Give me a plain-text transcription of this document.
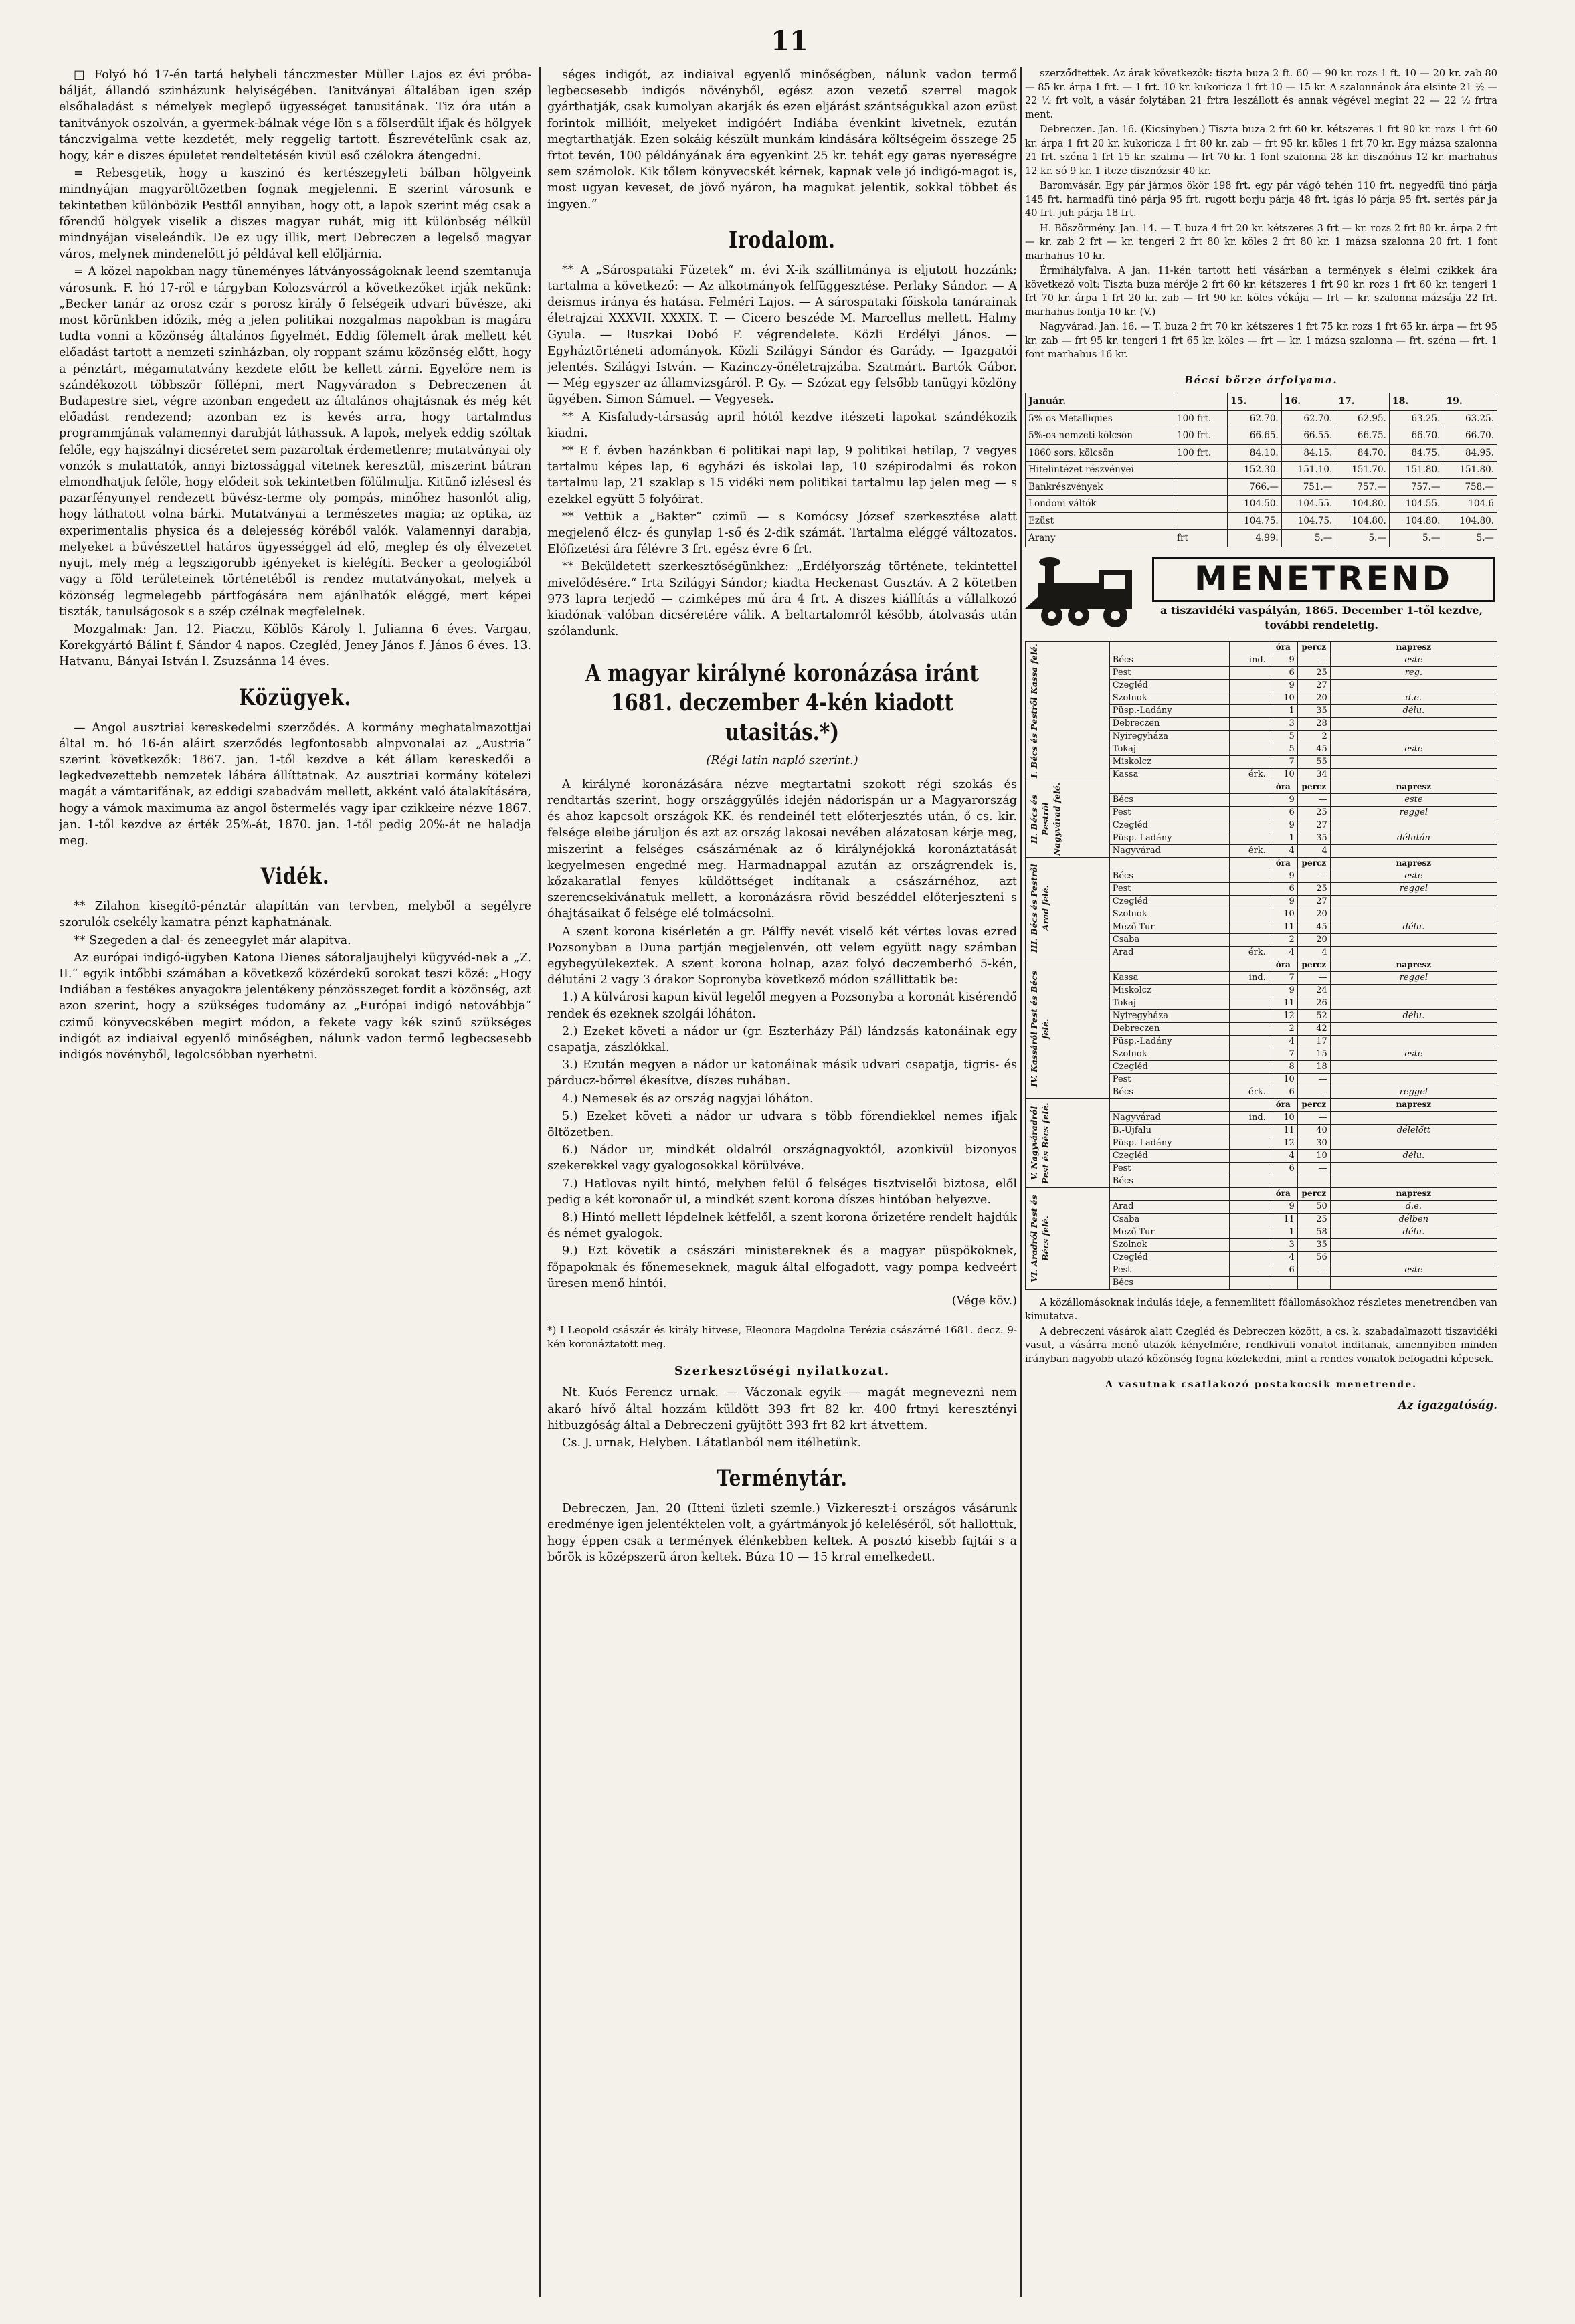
11

□ Folyó hó 17-én tartá helybeli tánczmester Müller Lajos ez évi próba-bálját, állandó szinházunk helyiségében. Tanitványai általában igen szép elsőhaladást s némelyek meglepő ügyességet tanusitának. Tiz óra után a tanitványok oszolván, a gyermek-bálnak vége lön s a fölserdült ifjak és hölgyek tánczvigalma vette kezdetét, mely reggelig tartott. Észrevételünk csak az, hogy, kár e diszes épületet rendeltetésén kivül eső czélokra átengedni.

= Rebesgetik, hogy a kaszinó és kertészegyleti bálban hölgyeink mindnyájan magyaröltözetben fognak megjelenni. E szerint városunk e tekintetben különbözik Pesttől annyiban, hogy ott, a lapok szerint még csak a főrendű hölgyek viselik a diszes magyar ruhát, mig itt különbség nélkül mindnyájan viseleándik. De ez ugy illik, mert Debreczen a legelső magyar város, melynek mindenelőtt jó példával kell előljárnia.

= A közel napokban nagy tüneményes látványosságoknak leend szemtanuja városunk. F. hó 17-ről e tárgyban Kolozsvárról a következőket irják nekünk: „Becker tanár az orosz czár s porosz király ő felségeik udvari bűvésze, aki most körünkben időzik, még a jelen politikai nozgalmas napokban is magára tudta vonni a közönség általános figyelmét. Eddig fölemelt árak mellett két előadást tartott a nemzeti szinházban, oly roppant számu közönség előtt, hogy a pénztárt, mégamutatvány kezdete előtt be kellett zárni. Egyelőre nem is szándékozott többször föllépni, mert Nagyváradon s Debreczenen át Budapestre siet, végre azonban engedett az általános ohajtásnak és még két előadást rendezend; azonban ez is kevés arra, hogy tartalmdus programmjának valamennyi darabját láthassuk. A lapok, melyek eddig szóltak felőle, egy hajszálnyi dicséretet sem pazaroltak érdemetlenre; mutatványai oly vonzók s mulattatók, annyi biztossággal vitetnek keresztül, miszerint bátran elmondhatjuk felőle, hogy elődeit sok tekintetben fölülmulja. Kitünő izlésesl és pazarfényunyel rendezett büvész-terme oly pompás, minőhez hasonlót alig, hogy láthatott volna bárki. Mutatványai a természetes magia; az optika, az experimentalis physica és a delejesség köréből valók. Valamennyi darabja, melyeket a bűvészettel határos ügyességgel ád elő, meglep és oly élvezetet nyujt, mely még a legszigorubb igényeket is kielégíti. Becker a geologiából vagy a föld területeinek történetéből is rendez mutatványokat, melyek a közönség legmelegebb pártfogására nem ajánlhatók eléggé, mert képei tiszták, tanulságosok s a szép czélnak megfelelnek.

Mozgalmak: Jan. 12. Piaczu, Köblös Károly l. Julianna 6 éves. Vargau, Korekgyártó Bálint f. Sándor 4 napos. Czegléd, Jeney János f. János 6 éves. 13. Hatvanu, Bányai István l. Zsuzsánna 14 éves.

Közügyek.

— Angol ausztriai kereskedelmi szerződés. A kormány meghatalmazottjai által m. hó 16-án aláirt szerződés legfontosabb alnpvonalai az „Austria“ szerint következők: 1867. jan. 1-től kezdve a két állam kereskedői a legkedvezettebb nemzetek lábára állíttatnak. Az ausztriai kormány kötelezi magát a vámtarifának, az eddigi szabadvám mellett, akként való átalakítására, hogy a vámok maximuma az angol östermelés vagy ipar czikkeire nézve 1867. jan. 1-től kezdve az érték 25%-át, 1870. jan. 1-től pedig 20%-át ne haladja meg.

Vidék.

** Zilahon kisegítő-pénztár alapíttán van tervben, melyből a segélyre szorulók csekély kamatra pénzt kaphatnának.

** Szegeden a dal- és zeneegylet már alapitva.

Az európai indigó-ügyben Katona Dienes sátoraljaujhelyi kügyvéd-nek a „Z. II.“ egyik intőbbi számában a következő közérdekű sorokat teszi közé: „Hogy Indiában a festékes anyagokra jelentékeny pénzösszeget fordit a közönség, azt azon szerint, hogy a szükséges tudomány az „Európai indigó netovábbja“ czimű könyvecskében megirt módon, a fekete vagy kék szinű szükséges indigót az indiaival egyenlő minőségben, nálunk vadon termő legbecsesebb indigós növényből, legolcsóbban nyerhetni.

séges indigót, az indiaival egyenlő minőségben, nálunk vadon termő legbecsesebb indigós növényből, egész azon vezető szerrel magok gyárthatják, csak kumolyan akarják és ezen eljárást szántságukkal azon ezüst forintok millióit, melyeket indigóért Indiába évenkint kivetnek, ezután megtarthatják. Ezen sokáig készült munkám kindására költségeim összege 25 frtot tevén, 100 példányának ára egyenkint 25 kr. tehát egy garas nyereségre sem számolok. Kik tőlem könyvecskét kérnek, kapnak vele jó indigó-magot is, most ugyan keveset, de jövő nyáron, ha magukat jelentik, sokkal többet és ingyen.“

Irodalom.

** A „Sárospataki Füzetek“ m. évi X-ik szállitmánya is eljutott hozzánk; tartalma a következő: — Az alkotmányok felfüggesztése. Perlaky Sándor. — A deismus iránya és hatása. Felméri Lajos. — A sárospataki főiskola tanárainak életrajzai XXXVII. XXXIX. T. — Cicero beszéde M. Marcellus mellett. Halmy Gyula. — Ruszkai Dobó F. végrendelete. Közli Erdélyi János. — Egyháztörténeti adományok. Közli Szilágyi Sándor és Garády. — Igazgatói jelentés. Szilágyi István. — Kazinczy-önéletrajzába. Szatmárt. Bartók Gábor. — Még egyszer az államvizsgáról. P. Gy. — Szózat egy felsőbb tanügyi közlöny ügyében. Simon Sámuel. — Vegyesek.

** A Kisfaludy-társaság april hótól kezdve itészeti lapokat szándékozik kiadni.

** E f. évben hazánkban 6 politikai napi lap, 9 politikai hetilap, 7 vegyes tartalmu képes lap, 6 egyházi és iskolai lap, 10 szépirodalmi és rokon tartalmu lap, 21 szaklap s 15 vidéki nem politikai tartalmu lap jelen meg — s ezekkel együtt 5 folyóirat.

** Vettük a „Bakter“ czimü — s Komócsy József szerkesztése alatt megjelenő élcz- és gunylap 1-ső és 2-dik számát. Tartalma eléggé változatos. Előfizetési ára félévre 3 frt. egész évre 6 frt.

** Beküldetett szerkesztőségünkhez: „Erdélyország története, tekintettel mivelődésére.“ Irta Szilágyi Sándor; kiadta Heckenast Gusztáv. A 2 kötetben 973 lapra terjedő — czimképes mű ára 4 frt. A diszes kiállítás a vállalkozó kiadónak valóban dicséretére válik. A beltartalomról később, átolvasás után szólandunk.

A magyar királyné koronázása iránt 1681. deczember 4-kén kiadott utasitás.*)
(Régi latin napló szerint.)

A királyné koronázására nézve megtartatni szokott régi szokás és rendtartás szerint, hogy országgyűlés idején nádorispán ur a Magyarország és ahoz kapcsolt országok KK. és rendeinél tett előterjesztés után, ő cs. kir. felsége eleibe járuljon és azt az ország lakosai nevében alázatosan kérje meg, miszerint a felséges császárnénak az ő királynéjokká koronáztatását kegyelmesen engedné meg. Harmadnappal azután az országrendek is, kőzakaratlal fenyes küldöttséget indítanak a császárnéhoz, azt szerencsekivánatuk mellett, a koronázásra rövid beszéddel előterjeszteni s óhajtásaikat ő felsége elé tolmácsolni.

A szent korona kisérletén a gr. Pálffy nevét viselő két vértes lovas ezred Pozsonyban a Duna partján megjelenvén, ott velem együtt nagy számban egybegyülekeztek. A szent korona holnap, azaz folyó deczemberhó 5-kén, délutáni 2 vagy 3 órakor Sopronyba következő módon szállittatik be:

1.) A külvárosi kapun kivül legelől megyen a Pozsonyba a koronát kisérendő rendek és ezeknek szolgái lóháton.

2.) Ezeket követi a nádor ur (gr. Eszterházy Pál) lándzsás katonáinak egy csapatja, zászlókkal.

3.) Ezután megyen a nádor ur katonáinak másik udvari csapatja, tigris- és párducz-bőrrel ékesítve, díszes ruhában.

4.) Nemesek és az ország nagyjai lóháton.

5.) Ezeket követi a nádor ur udvara s több főrendiekkel nemes ifjak öltözetben.

6.) Nádor ur, mindkét oldalról országnagyoktól, azonkivül bizonyos szekerekkel vagy gyalogosokkal körülvéve.

7.) Hatlovas nyilt hintó, melyben felül ő felséges tisztviselői biztosa, elől pedig a két koronaőr ül, a mindkét szent korona díszes hintóban helyezve.

8.) Hintó mellett lépdelnek kétfelől, a szent korona őrizetére rendelt hajdúk és német gyalogok.

9.) Ezt követik a császári ministereknek és a magyar püspököknek, főpapoknak és főnemeseknek, maguk által elfogadott, vagy pompa kedveért üresen menő hintói.

(Vége köv.)
*) I Leopold császár és király hitvese, Eleonora Magdolna Terézia császárné 1681. decz. 9-kén koronáztatott meg.
Szerkesztőségi nyilatkozat.

Nt. Kuós Ferencz urnak. — Váczonak egyik — magát megnevezni nem akaró hívő által hozzám küldött 393 frt 82 kr. 400 frtnyi keresztényi hitbuzgóság által a Debreczeni gyüjtött 393 frt 82 krt átvettem.

Cs. J. urnak, Helyben. Látatlanból nem itélhetünk.

Terménytár.

Debreczen, Jan. 20 (Itteni üzleti szemle.) Vizkereszt-i országos vásárunk eredménye igen jelentéktelen volt, a gyártmányok jó keleléséről, sőt hallottuk, hogy éppen csak a termények élénkebben keltek. A posztó kisebb fajtái s a bőrök is középszerü áron keltek. Búza 10 — 15 krral emelkedett.

szerződtettek. Az árak következők: tiszta buza 2 ft. 60 — 90 kr. rozs 1 ft. 10 — 20 kr. zab 80 — 85 kr. árpa 1 frt. — 1 frt. 10 kr. kukoricza 1 frt 10 — 15 kr. A szalonnánok ára elsinte 21 ½ — 22 ½ frt volt, a vásár folytában 21 frtra leszállott és annak végével megint 22 — 22 ½ frtra ment.

Debreczen. Jan. 16. (Kicsinyben.) Tiszta buza 2 frt 60 kr. kétszeres 1 frt 90 kr. rozs 1 frt 60 kr. árpa 1 frt 20 kr. kukoricza 1 frt 80 kr. zab — frt 95 kr. köles 1 frt 70 kr. Egy mázsa szalonna 21 frt. széna 1 frt 15 kr. szalma — frt 70 kr. 1 font szalonna 28 kr. disznóhus 12 kr. marhahus 12 kr. só 9 kr. 1 itcze disznózsir 40 kr.

Baromvásár. Egy pár jármos ökör 198 frt. egy pár vágó tehén 110 frt. negyedfü tinó párja 145 frt. harmadfü tinó párja 95 frt. rugott borju párja 48 frt. igás ló párja 95 frt. sertés pár ja 40 frt. juh párja 18 frt.

H. Böszörmény. Jan. 14. — T. buza 4 frt 20 kr. kétszeres 3 frt — kr. rozs 2 frt 80 kr. árpa 2 frt — kr. zab 2 frt — kr. tengeri 2 frt 80 kr. köles 2 frt 80 kr. 1 mázsa szalonna 20 frt. 1 font marhahus 10 kr.

Érmihályfalva. A jan. 11-kén tartott heti vásárban a termények s élelmi czikkek ára következő volt: Tiszta buza mérője 2 frt 60 kr. kétszeres 1 frt 90 kr. rozs 1 frt 60 kr. tengeri 1 frt 70 kr. árpa 1 frt 20 kr. zab — frt 90 kr. köles vékája — frt — kr. szalonna mázsája 22 frt. marhahus fontja 10 kr. (V.)

Nagyvárad. Jan. 16. — T. buza 2 frt 70 kr. kétszeres 1 frt 75 kr. rozs 1 frt 65 kr. árpa — frt 95 kr. zab — frt 95 kr. tengeri 1 frt 65 kr. köles — frt — kr. 1 mázsa szalonna — frt. széna — frt. 1 font marhahus 16 kr.

Bécsi börze árfolyama.
Január.		15.	16.	17.	18.	19.
5%-os Metalliques	100 frt.	62.70.	62.70.	62.95.	63.25.	63.25.
5%-os nemzeti kölcsön	100 frt.	66.65.	66.55.	66.75.	66.70.	66.70.
1860 sors. kölcsön	100 frt.	84.10.	84.15.	84.70.	84.75.	84.95.
Hitelintézet részvényei		152.30.	151.10.	151.70.	151.80.	151.80.
Bankrészvények		766.—	751.—	757.—	757.—	758.—
Londoni váltók		104.50.	104.55.	104.80.	104.55.	104.6
Ezüst		104.75.	104.75.	104.80.	104.80.	104.80.
Arany	frt	4.99.	5.—	5.—	5.—	5.—
MENETREND
a tiszavidéki vaspályán, 1865. December 1-től kezdve, további rendeletig.
I. Bécs és Pestről Kassa felé.			óra	percz	napresz
	Bécs	ind.	9	—	este
	Pest		6	25	reg.
	Czegléd		9	27	
	Szolnok		10	20	d.e.
	Püsp.-Ladány		1	35	délu.
	Debreczen		3	28	
	Nyiregyháza		5	2	
	Tokaj		5	45	este
	Miskolcz		7	55	
	Kassa	érk.	10	34	

II. Bécs és Pestről Nagyvárad felé.			óra	percz	napresz
	Bécs		9	—	este
	Pest		6	25	reggel
	Czegléd		9	27	
	Püsp.-Ladány		1	35	délután
	Nagyvárad	érk.	4	4	

III. Bécs és Pestről Arad felé.			óra	percz	napresz
	Bécs		9	—	este
	Pest		6	25	reggel
	Czegléd		9	27	
	Szolnok		10	20	
	Mező-Tur		11	45	délu.
	Csaba		2	20	
	Arad	érk.	4	4	

IV. Kassáról Pest és Bécs felé.			óra	percz	napresz
	Kassa	ind.	7	—	reggel
	Miskolcz		9	24	
	Tokaj		11	26	
	Nyiregyháza		12	52	délu.
	Debreczen		2	42	
	Püsp.-Ladány		4	17	
	Szolnok		7	15	este
	Czegléd		8	18	
	Pest		10	—	
	Bécs	érk.	6	—	reggel

V. Nagyváradról Pest és Bécs felé.			óra	percz	napresz
	Nagyvárad	ind.	10	—	
	B.-Ujfalu		11	40	délelőtt
	Püsp.-Ladány		12	30	
	Czegléd		4	10	délu.
	Pest		6	—	
	Bécs				

VI. Aradról Pest és Bécs felé.			óra	percz	napresz
	Arad		9	50	d.e.
	Csaba		11	25	délben
	Mező-Tur		1	58	délu.
	Szolnok		3	35	
	Czegléd		4	56	
	Pest		6	—	este
	Bécs				

A közállomásoknak indulás ideje, a fennemlitett főállomásokhoz részletes menetrendben van kimutatva.

A debreczeni vásárok alatt Czegléd és Debreczen között, a cs. k. szabadalmazott tiszavidéki vasut, a vásárra menő utazók kényelmére, rendkivüli vonatot inditanak, amennyiben minden irányban nagyobb utazó közönség fogna közlekedni, mint a rendes vonatok befogadni képesek.

A vasutnak csatlakozó postakocsik menetrende.
Az igazgatóság.
